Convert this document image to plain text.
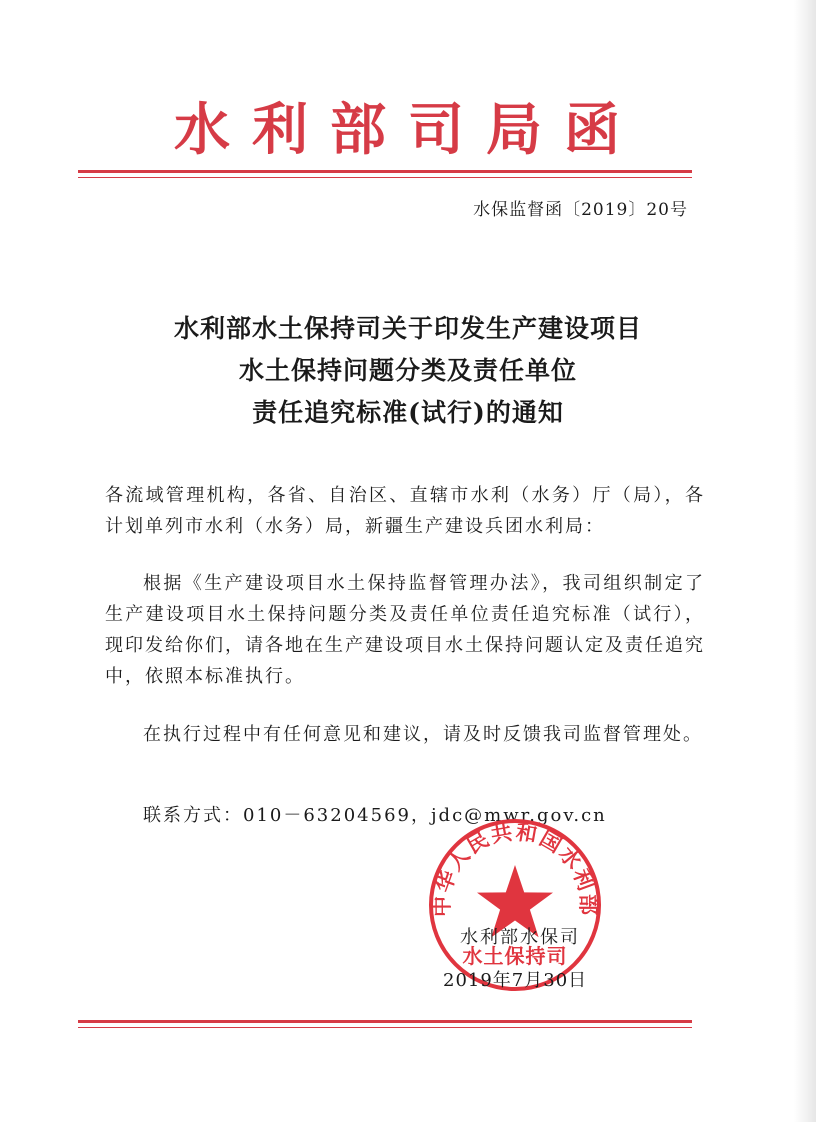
水利部司局函
水保监督函〔2019〕20号
水利部水土保持司关于印发生产建设项目
水土保持问题分类及责任单位
责任追究标准(试行)的通知
各流域管理机构，各省、自治区、直辖市水利（水务）厅（局），各计划单列市水利（水务）局，新疆生产建设兵团水利局：
根据《生产建设项目水土保持监督管理办法》，我司组织制定了生产建设项目水土保持问题分类及责任单位责任追究标准（试行），现印发给你们，请各地在生产建设项目水土保持问题认定及责任追究中，依照本标准执行。
在执行过程中有任何意见和建议，请及时反馈我司监督管理处。
联系方式：010－63204569，jdc@mwr.gov.cn
中华人民共和国水利部
水土保持司
水利部水保司
2019年7月30日
